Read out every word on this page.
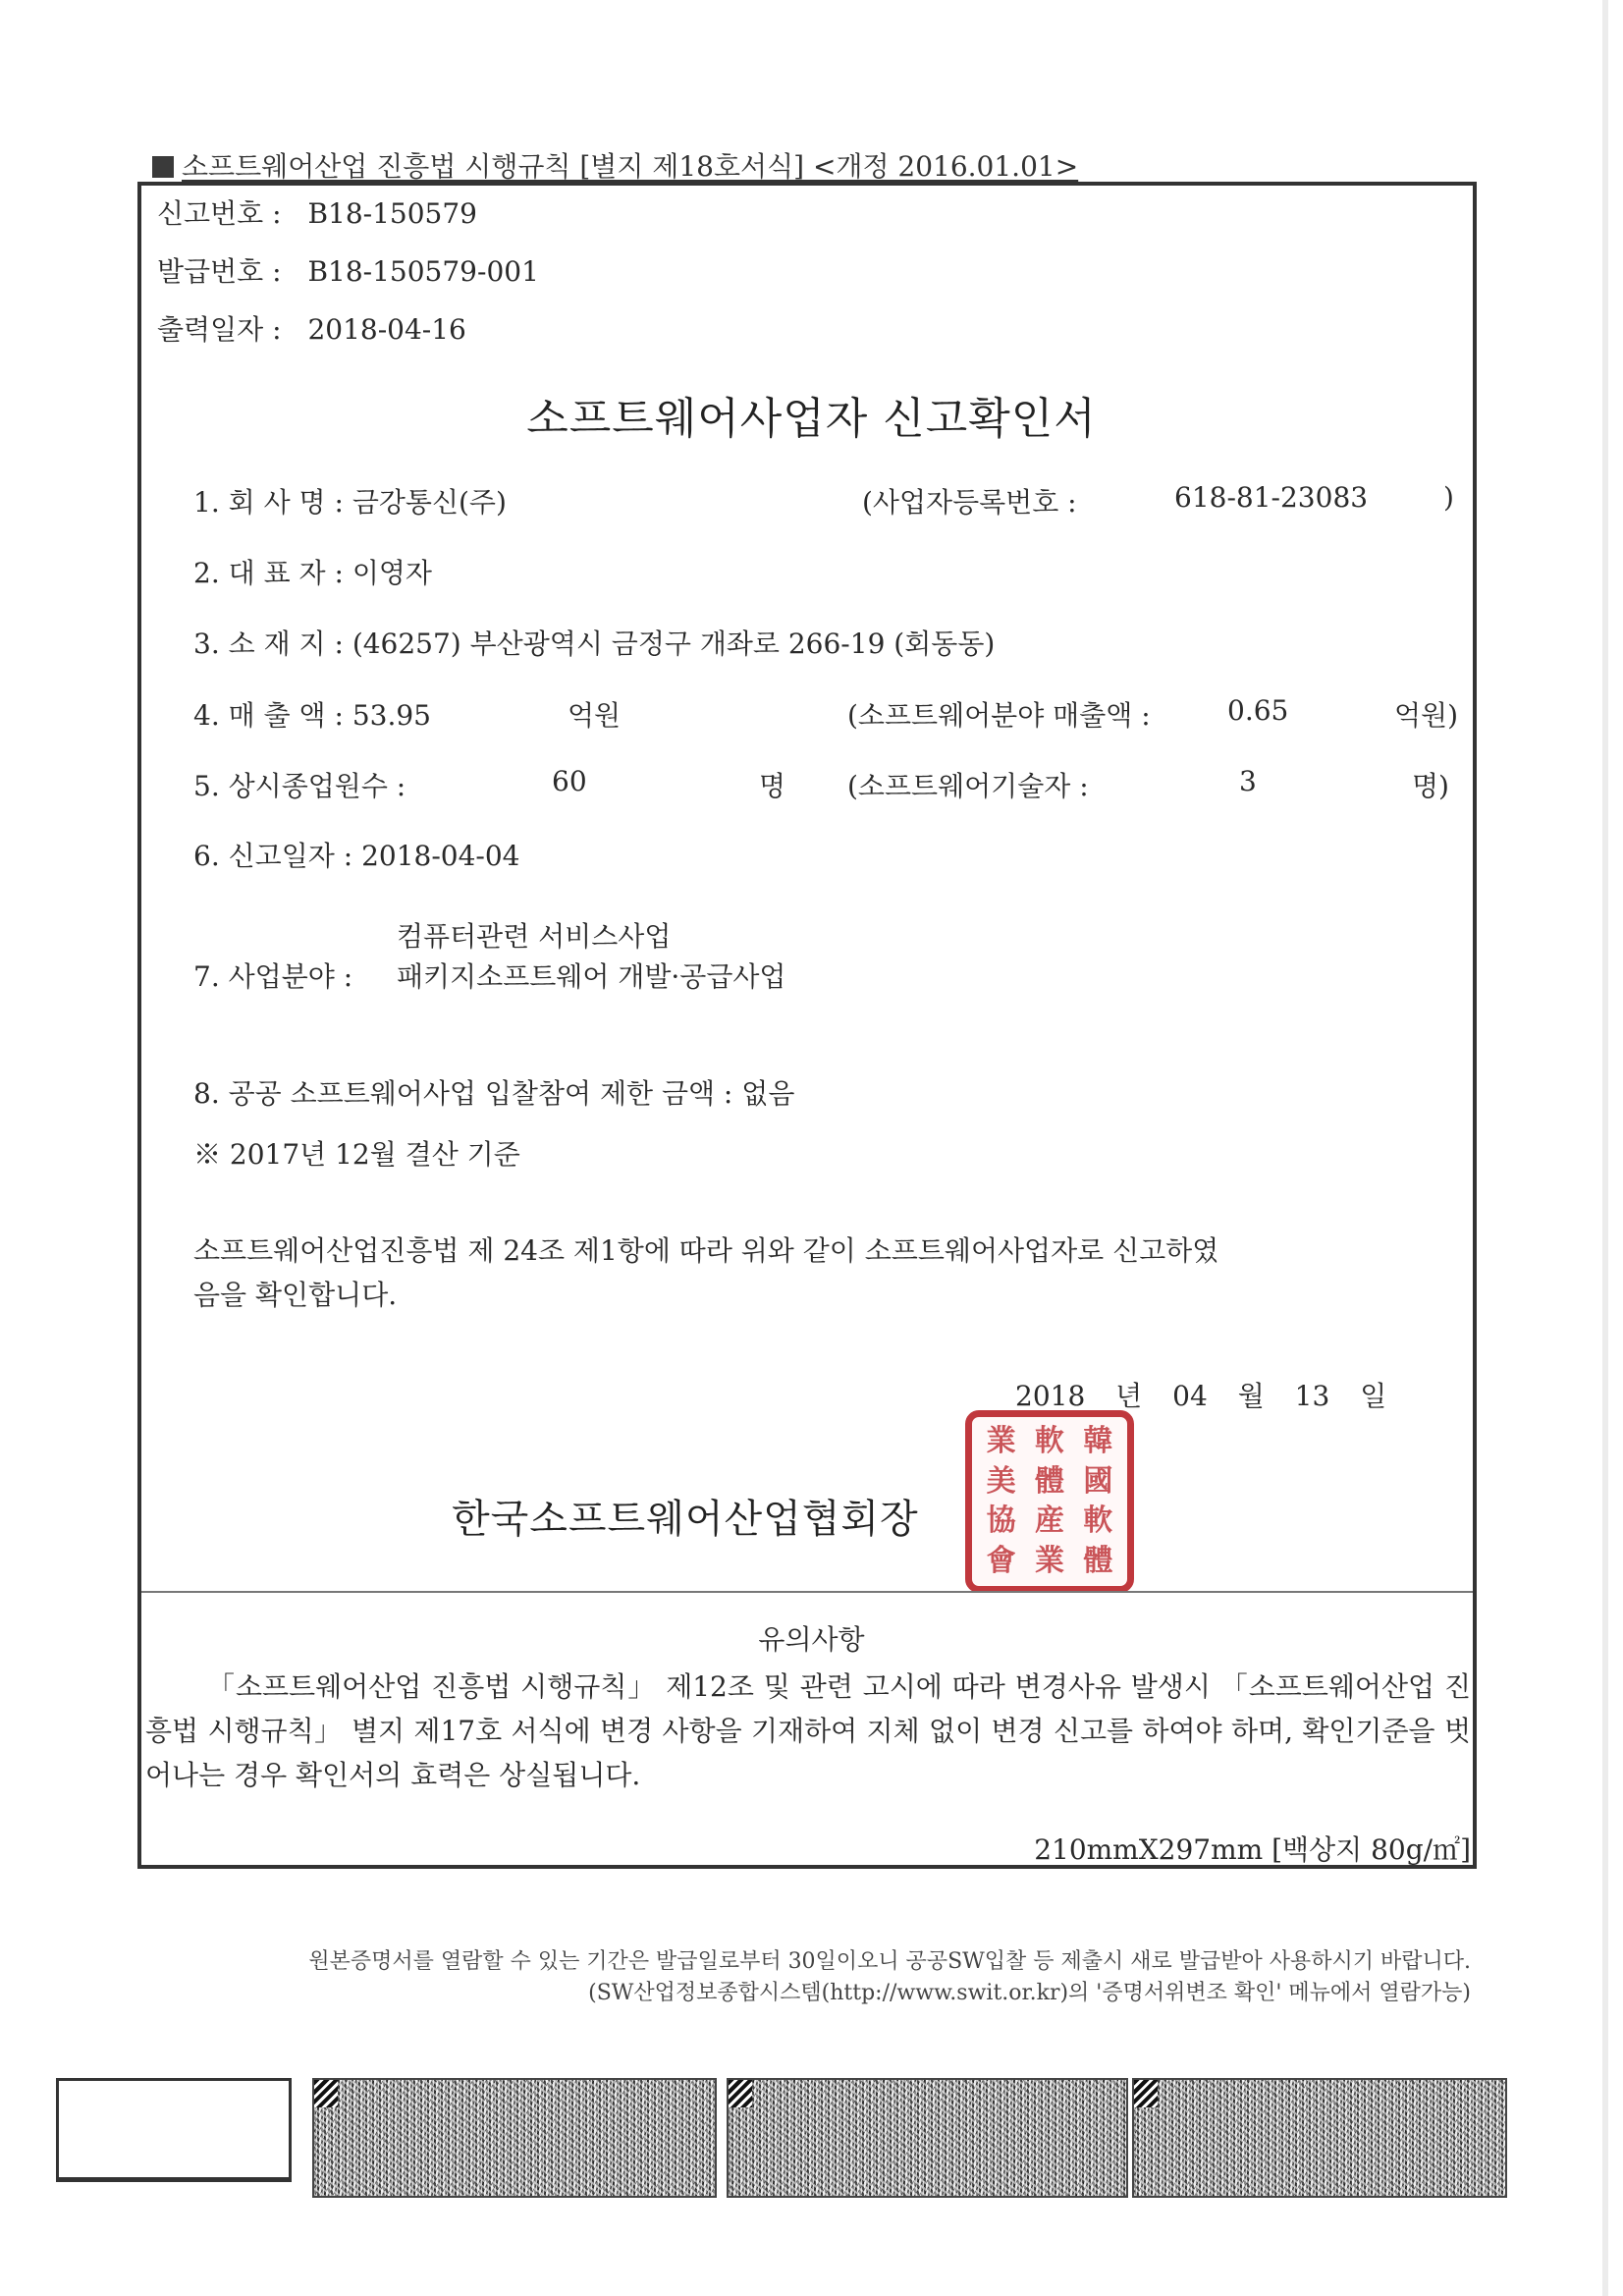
소프트웨어산업 진흥법 시행규칙 [별지 제18호서식] <개정 2016.01.01>
신고번호 : B18-150579
발급번호 : B18-150579-001
출력일자 : 2018-04-16
소프트웨어사업자 신고확인서
1. 회 사 명 : 금강통신(주)	(사업자등록번호 :	618-81-23083	)
2. 대 표 자 : 이영자
3. 소 재 지 : (46257) 부산광역시 금정구 개좌로 266-19 (회동동)
4. 매 출 액 : 53.95	억원	(소프트웨어분야 매출액 :	0.65	억원)
5. 상시종업원수 :	60	명 (소프트웨어기술자 :	3	명)
6. 신고일자 : 2018-04-04
컴퓨터관련 서비스사업
7. 사업분야 : 패키지소프트웨어 개발·공급사업
8. 공공 소프트웨어사업 입찰참여 제한 금액 : 없음
※ 2017년 12월 결산 기준
소프트웨어산업진흥법 제 24조 제1항에 따라 위와 같이 소프트웨어사업자로 신고하였
음을 확인합니다.
2018 년 04 월 13 일
한국소프트웨어산업협회장
業 軟 韓
美 體 國
協 産 軟
會 業 體
유의사항
「소프트웨어산업 진흥법 시행규칙」 제12조 및 관련 고시에 따라 변경사유 발생시 「소프트웨어산업 진흥법 시행규칙」 별지 제17호 서식에 변경 사항을 기재하여 지체 없이 변경 신고를 하여야 하며, 확인기준을 벗어나는 경우 확인서의 효력은 상실됩니다.
210mmX297mm [백상지 80g/㎡]
원본증명서를 열람할 수 있는 기간은 발급일로부터 30일이오니 공공SW입찰 등 제출시 새로 발급받아 사용하시기 바랍니다.
(SW산업정보종합시스템(http://www.swit.or.kr)의 '증명서위변조 확인' 메뉴에서 열람가능)
